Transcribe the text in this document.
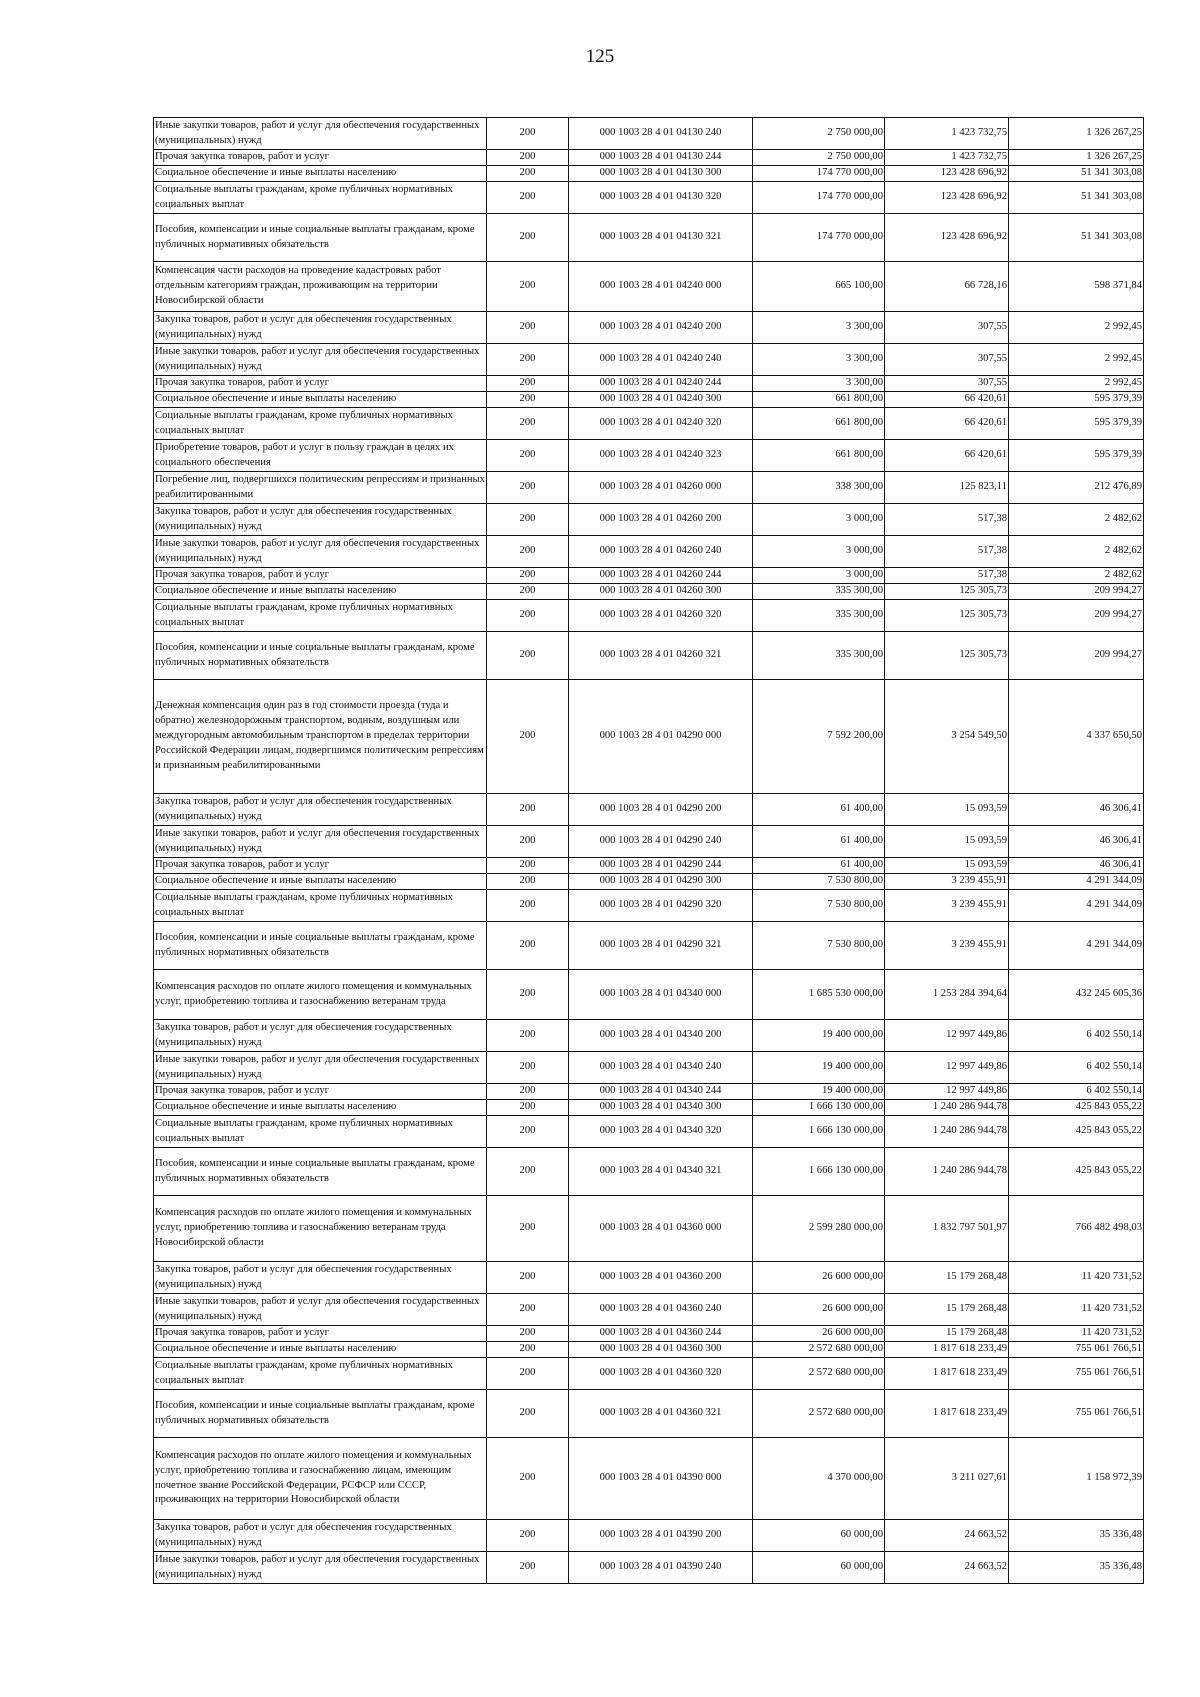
125
Иные закупки товаров, работ и услуг для обеспечения государственных (муниципальных) нужд	200	000 1003 28 4 01 04130 240	2 750 000,00	1 423 732,75	1 326 267,25
Прочая закупка товаров, работ и услуг	200	000 1003 28 4 01 04130 244	2 750 000,00	1 423 732,75	1 326 267,25
Социальное обеспечение и иные выплаты населению	200	000 1003 28 4 01 04130 300	174 770 000,00	123 428 696,92	51 341 303,08
Социальные выплаты гражданам, кроме публичных нормативных социальных выплат	200	000 1003 28 4 01 04130 320	174 770 000,00	123 428 696,92	51 341 303,08
Пособия, компенсации и иные социальные выплаты гражданам, кроме публичных нормативных обязательств	200	000 1003 28 4 01 04130 321	174 770 000,00	123 428 696,92	51 341 303,08
Компенсация части расходов на проведение кадастровых работ отдельным категориям граждан, проживающим на территории Новосибирской области	200	000 1003 28 4 01 04240 000	665 100,00	66 728,16	598 371,84
Закупка товаров, работ и услуг для обеспечения государственных (муниципальных) нужд	200	000 1003 28 4 01 04240 200	3 300,00	307,55	2 992,45
Иные закупки товаров, работ и услуг для обеспечения государственных (муниципальных) нужд	200	000 1003 28 4 01 04240 240	3 300,00	307,55	2 992,45
Прочая закупка товаров, работ и услуг	200	000 1003 28 4 01 04240 244	3 300,00	307,55	2 992,45
Социальное обеспечение и иные выплаты населению	200	000 1003 28 4 01 04240 300	661 800,00	66 420,61	595 379,39
Социальные выплаты гражданам, кроме публичных нормативных социальных выплат	200	000 1003 28 4 01 04240 320	661 800,00	66 420,61	595 379,39
Приобретение товаров, работ и услуг в пользу граждан в целях их социального обеспечения	200	000 1003 28 4 01 04240 323	661 800,00	66 420,61	595 379,39
Погребение лиц, подвергшихся политическим репрессиям и признанных реабилитированными	200	000 1003 28 4 01 04260 000	338 300,00	125 823,11	212 476,89
Закупка товаров, работ и услуг для обеспечения государственных (муниципальных) нужд	200	000 1003 28 4 01 04260 200	3 000,00	517,38	2 482,62
Иные закупки товаров, работ и услуг для обеспечения государственных (муниципальных) нужд	200	000 1003 28 4 01 04260 240	3 000,00	517,38	2 482,62
Прочая закупка товаров, работ и услуг	200	000 1003 28 4 01 04260 244	3 000,00	517,38	2 482,62
Социальное обеспечение и иные выплаты населению	200	000 1003 28 4 01 04260 300	335 300,00	125 305,73	209 994,27
Социальные выплаты гражданам, кроме публичных нормативных социальных выплат	200	000 1003 28 4 01 04260 320	335 300,00	125 305,73	209 994,27
Пособия, компенсации и иные социальные выплаты гражданам, кроме публичных нормативных обязательств	200	000 1003 28 4 01 04260 321	335 300,00	125 305,73	209 994,27
Денежная компенсация один раз в год стоимости проезда (туда и обратно) железнодорожным транспортом, водным, воздушным или междугородным автомобильным транспортом в пределах территории Российской Федерации лицам, подвергшимся политическим репрессиям и признанным реабилитированными	200	000 1003 28 4 01 04290 000	7 592 200,00	3 254 549,50	4 337 650,50
Закупка товаров, работ и услуг для обеспечения государственных (муниципальных) нужд	200	000 1003 28 4 01 04290 200	61 400,00	15 093,59	46 306,41
Иные закупки товаров, работ и услуг для обеспечения государственных (муниципальных) нужд	200	000 1003 28 4 01 04290 240	61 400,00	15 093,59	46 306,41
Прочая закупка товаров, работ и услуг	200	000 1003 28 4 01 04290 244	61 400,00	15 093,59	46 306,41
Социальное обеспечение и иные выплаты населению	200	000 1003 28 4 01 04290 300	7 530 800,00	3 239 455,91	4 291 344,09
Социальные выплаты гражданам, кроме публичных нормативных социальных выплат	200	000 1003 28 4 01 04290 320	7 530 800,00	3 239 455,91	4 291 344,09
Пособия, компенсации и иные социальные выплаты гражданам, кроме публичных нормативных обязательств	200	000 1003 28 4 01 04290 321	7 530 800,00	3 239 455,91	4 291 344,09
Компенсация расходов по оплате жилого помещения и коммунальных услуг, приобретению топлива и газоснабжению ветеранам труда	200	000 1003 28 4 01 04340 000	1 685 530 000,00	1 253 284 394,64	432 245 605,36
Закупка товаров, работ и услуг для обеспечения государственных (муниципальных) нужд	200	000 1003 28 4 01 04340 200	19 400 000,00	12 997 449,86	6 402 550,14
Иные закупки товаров, работ и услуг для обеспечения государственных (муниципальных) нужд	200	000 1003 28 4 01 04340 240	19 400 000,00	12 997 449,86	6 402 550,14
Прочая закупка товаров, работ и услуг	200	000 1003 28 4 01 04340 244	19 400 000,00	12 997 449,86	6 402 550,14
Социальное обеспечение и иные выплаты населению	200	000 1003 28 4 01 04340 300	1 666 130 000,00	1 240 286 944,78	425 843 055,22
Социальные выплаты гражданам, кроме публичных нормативных социальных выплат	200	000 1003 28 4 01 04340 320	1 666 130 000,00	1 240 286 944,78	425 843 055,22
Пособия, компенсации и иные социальные выплаты гражданам, кроме публичных нормативных обязательств	200	000 1003 28 4 01 04340 321	1 666 130 000,00	1 240 286 944,78	425 843 055,22
Компенсация расходов по оплате жилого помещения и коммунальных услуг, приобретению топлива и газоснабжению ветеранам труда Новосибирской области	200	000 1003 28 4 01 04360 000	2 599 280 000,00	1 832 797 501,97	766 482 498,03
Закупка товаров, работ и услуг для обеспечения государственных (муниципальных) нужд	200	000 1003 28 4 01 04360 200	26 600 000,00	15 179 268,48	11 420 731,52
Иные закупки товаров, работ и услуг для обеспечения государственных (муниципальных) нужд	200	000 1003 28 4 01 04360 240	26 600 000,00	15 179 268,48	11 420 731,52
Прочая закупка товаров, работ и услуг	200	000 1003 28 4 01 04360 244	26 600 000,00	15 179 268,48	11 420 731,52
Социальное обеспечение и иные выплаты населению	200	000 1003 28 4 01 04360 300	2 572 680 000,00	1 817 618 233,49	755 061 766,51
Социальные выплаты гражданам, кроме публичных нормативных социальных выплат	200	000 1003 28 4 01 04360 320	2 572 680 000,00	1 817 618 233,49	755 061 766,51
Пособия, компенсации и иные социальные выплаты гражданам, кроме публичных нормативных обязательств	200	000 1003 28 4 01 04360 321	2 572 680 000,00	1 817 618 233,49	755 061 766,51
Компенсация расходов по оплате жилого помещения и коммунальных услуг, приобретению топлива и газоснабжению лицам, имеющим почетное звание Российской Федерации, РСФСР или СССР, проживающих на территории Новосибирской области	200	000 1003 28 4 01 04390 000	4 370 000,00	3 211 027,61	1 158 972,39
Закупка товаров, работ и услуг для обеспечения государственных (муниципальных) нужд	200	000 1003 28 4 01 04390 200	60 000,00	24 663,52	35 336,48
Иные закупки товаров, работ и услуг для обеспечения государственных (муниципальных) нужд	200	000 1003 28 4 01 04390 240	60 000,00	24 663,52	35 336,48
